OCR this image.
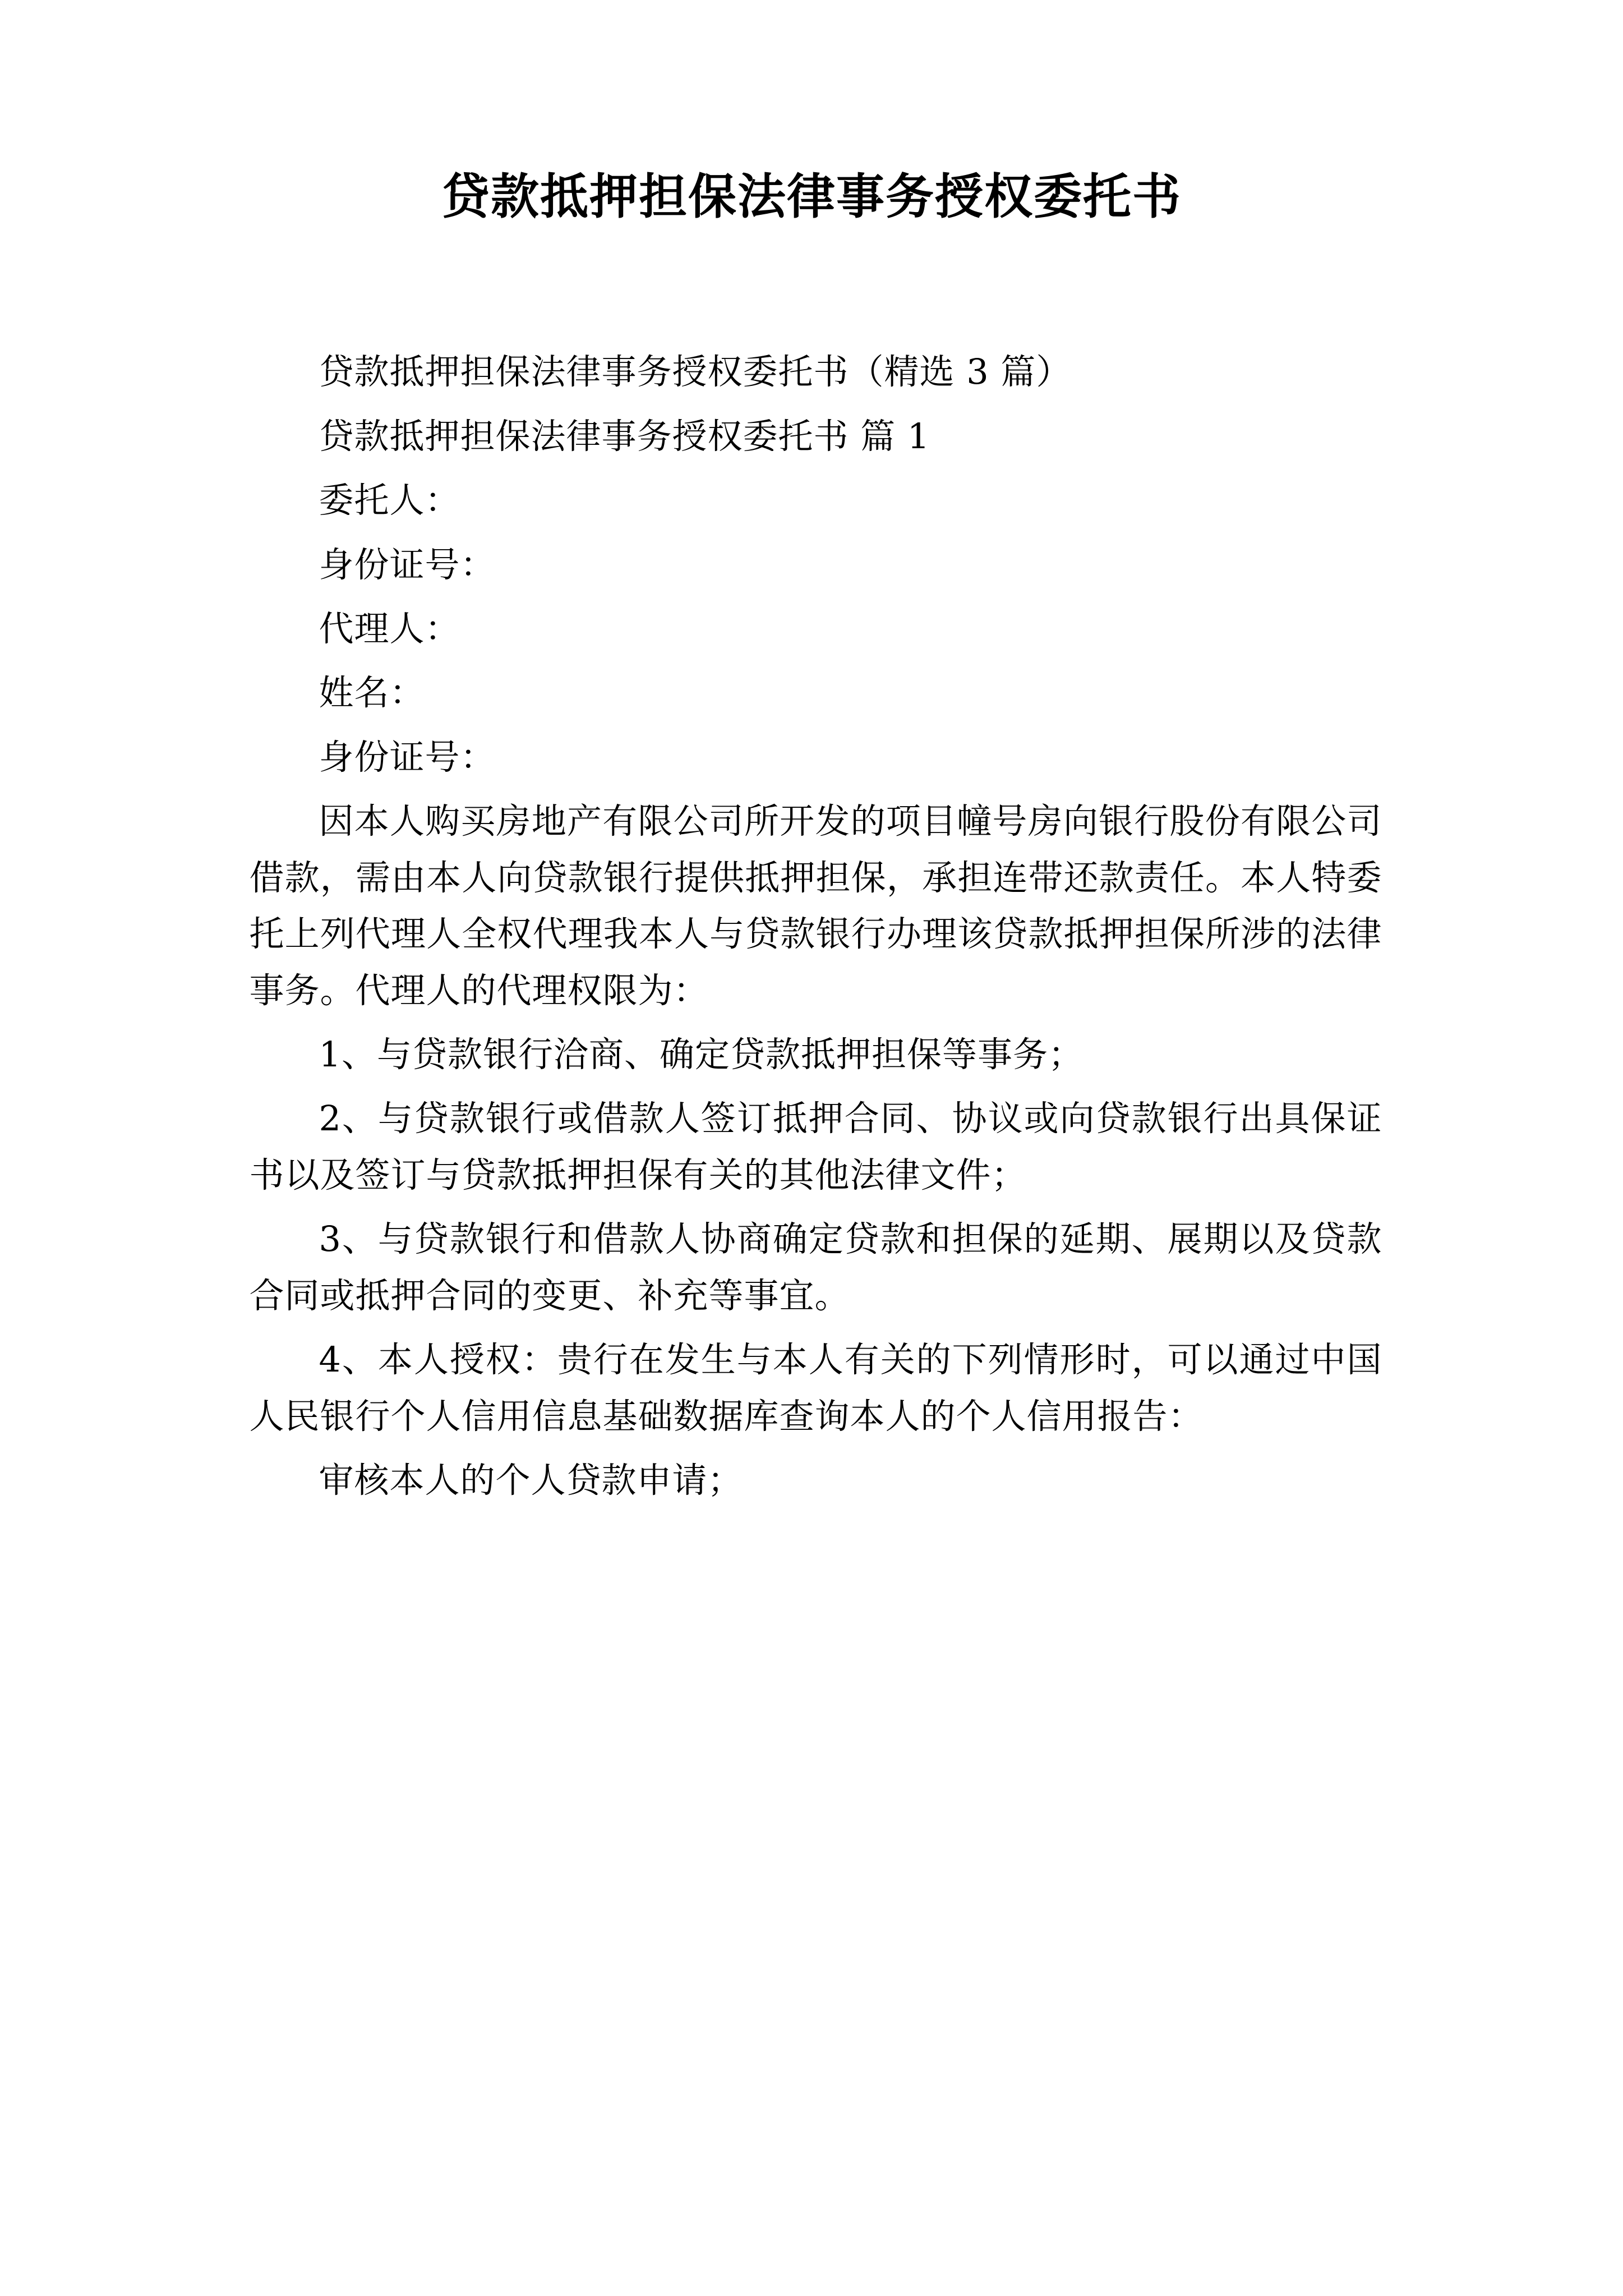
贷款抵押担保法律事务授权委托书

贷款抵押担保法律事务授权委托书（精选 3 篇）

贷款抵押担保法律事务授权委托书 篇 1

委托人：

身份证号：

代理人：

姓名：

身份证号：

因本人购买房地产有限公司所开发的项目幢号房向银行股份有限公司借款，需由本人向贷款银行提供抵押担保，承担连带还款责任。本人特委托上列代理人全权代理我本人与贷款银行办理该贷款抵押担保所涉的法律事务。代理人的代理权限为：

1、与贷款银行洽商、确定贷款抵押担保等事务；

2、与贷款银行或借款人签订抵押合同、协议或向贷款银行出具保证书以及签订与贷款抵押担保有关的其他法律文件；

3、与贷款银行和借款人协商确定贷款和担保的延期、展期以及贷款合同或抵押合同的变更、补充等事宜。

4、本人授权：贵行在发生与本人有关的下列情形时，可以通过中国人民银行个人信用信息基础数据库查询本人的个人信用报告：

审核本人的个人贷款申请；
